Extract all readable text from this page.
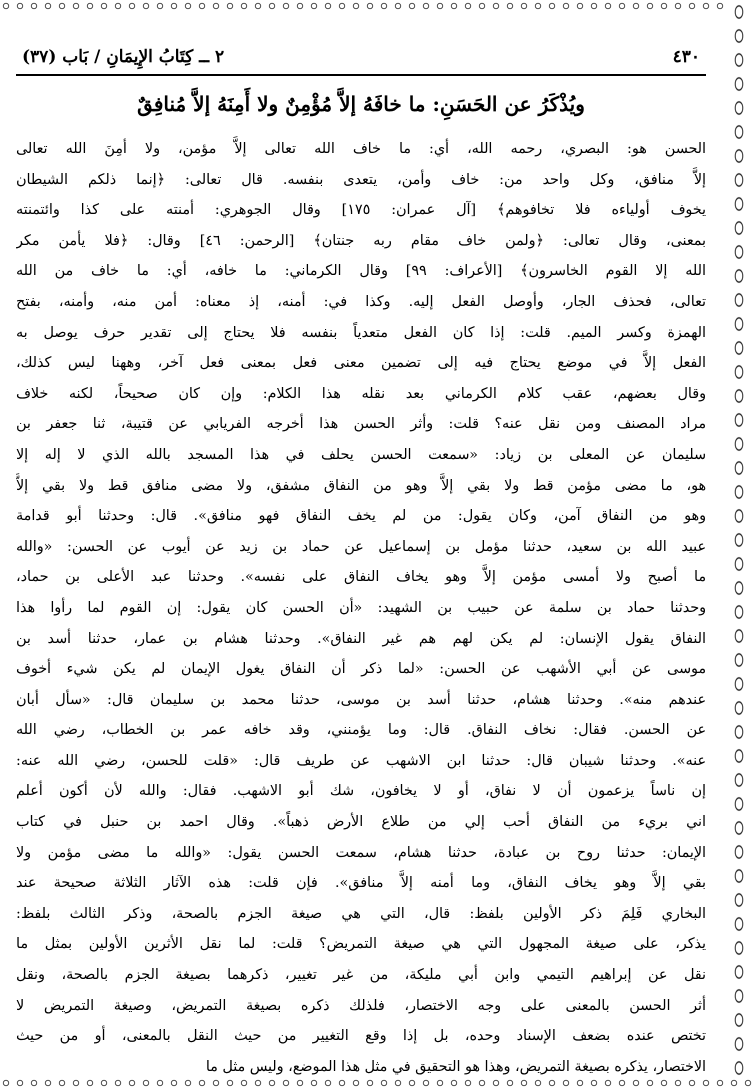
٤٣٠
٢ ــ كِتَابُ الإِيمَانِ / بَاب (٣٧)
ويُذْكَرُ عن الحَسَنِ: ما خافَهُ إلاَّ مُؤْمِنٌ ولا أَمِنَهُ إلاَّ مُنافِقٌ
الحسن هو: البصري، رحمه الله، أي: ما خاف الله تعالى إلاَّ مؤمن، ولا أمِنَ الله تعالى
إلاَّ منافق، وكل واحد من: خاف وأمن، يتعدى بنفسه. قال تعالى: ﴿إنما ذلكم الشيطان
يخوف أولياءه فلا تخافوهم﴾ [آل عمران: ١٧٥] وقال الجوهري: أمنته على كذا وائتمنته
بمعنى، وقال تعالى: ﴿ولمن خاف مقام ربه جنتان﴾ [الرحمن: ٤٦] وقال: ﴿فلا يأمن مكر
الله إلا القوم الخاسرون﴾ [الأعراف: ٩٩] وقال الكرماني: ما خافه، أي: ما خاف من الله
تعالى، فحذف الجار، وأوصل الفعل إليه. وكذا في: أمنه، إذ معناه: أمن منه، وأمنه، بفتح
الهمزة وكسر الميم. قلت: إذا كان الفعل متعدياً بنفسه فلا يحتاج إلى تقدير حرف يوصل به
الفعل إلاَّ في موضع يحتاج فيه إلى تضمين معنى فعل بمعنى فعل آخر، وههنا ليس كذلك،
وقال بعضهم، عقب كلام الكرماني بعد نقله هذا الكلام: وإن كان صحيحاً، لكنه خلاف
مراد المصنف ومن نقل عنه؟ قلت: وأثر الحسن هذا أخرجه الفريابي عن قتيبة، ثنا جعفر بن
سليمان عن المعلى بن زياد: «سمعت الحسن يحلف في هذا المسجد بالله الذي لا إله إلا
هو، ما مضى مؤمن قط ولا بقي إلاَّ وهو من النفاق مشفق، ولا مضى منافق قط ولا بقي إلاَّ
وهو من النفاق آمن، وكان يقول: من لم يخف النفاق فهو منافق». قال: وحدثنا أبو قدامة
عبيد الله بن سعيد، حدثنا مؤمل بن إسماعيل عن حماد بن زيد عن أيوب عن الحسن: «والله
ما أصبح ولا أمسى مؤمن إلاَّ وهو يخاف النفاق على نفسه». وحدثنا عبد الأعلى بن حماد،
وحدثنا حماد بن سلمة عن حبيب بن الشهيد: «أن الحسن كان يقول: إن القوم لما رأوا هذا
النفاق يقول الإنسان: لم يكن لهم هم غير النفاق». وحدثنا هشام بن عمار، حدثنا أسد بن
موسى عن أبي الأشهب عن الحسن: «لما ذكر أن النفاق يغول الإيمان لم يكن شيء أخوف
عندهم منه». وحدثنا هشام، حدثنا أسد بن موسى، حدثنا محمد بن سليمان قال: «سأل أبان
عن الحسن. فقال: نخاف النفاق. قال: وما يؤمنني، وقد خافه عمر بن الخطاب، رضي الله
عنه». وحدثنا شيبان قال: حدثنا ابن الاشهب عن طريف قال: «قلت للحسن، رضي الله عنه:
إن ناساً يزعمون أن لا نفاق، أو لا يخافون، شك أبو الاشهب. فقال: والله لأن أكون أعلم
اني بريء من النفاق أحب إلي من طلاع الأرض ذهباً». وقال احمد بن حنبل في كتاب
الإيمان: حدثنا روح بن عبادة، حدثنا هشام، سمعت الحسن يقول: «والله ما مضى مؤمن ولا
بقي إلاَّ وهو يخاف النفاق، وما أمنه إلاَّ منافق». فإن قلت: هذه الآثار الثلاثة صحيحة عند
البخاري فَلِمَ ذكر الأولين بلفظ: قال، التي هي صيغة الجزم بالصحة، وذكر الثالث بلفظ:
يذكر، على صيغة المجهول التي هي صيغة التمريض؟ قلت: لما نقل الأثرين الأولين بمثل ما
نقل عن إبراهيم التيمي وابن أبي مليكة، من غير تغيير، ذكرهما بصيغة الجزم بالصحة، ونقل
أثر الحسن بالمعنى على وجه الاختصار، فلذلك ذكره بصيغة التمريض، وصيغة التمريض لا
تختص عنده بضعف الإسناد وحده، بل إذا وقع التغيير من حيث النقل بالمعنى، أو من حيث
الاختصار، يذكره بصيغة التمريض، وهذا هو التحقيق في مثل هذا الموضع، وليس مثل ما
